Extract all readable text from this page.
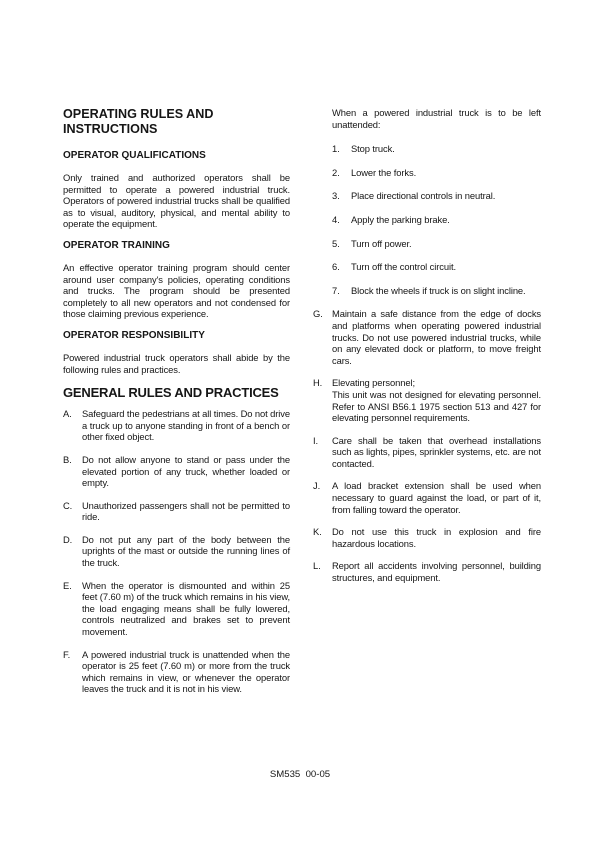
OPERATING RULES AND
INSTRUCTIONS
OPERATOR QUALIFICATIONS

Only trained and authorized operators shall be permitted to operate a powered industrial truck. Operators of powered industrial trucks shall be qualified as to visual, auditory, physical, and mental ability to operate the equipment.

OPERATOR TRAINING

An effective operator training program should center around user company's policies, operating conditions and trucks. The program should be presented completely to all new operators and not condensed for those claiming previous experience.

OPERATOR RESPONSIBILITY

Powered industrial truck operators shall abide by the following rules and practices.

GENERAL RULES AND PRACTICES
A. Safeguard the pedestrians at all times. Do not drive a truck up to anyone standing in front of a bench or other fixed object.
B. Do not allow anyone to stand or pass under the elevated portion of any truck, whether loaded or empty.
C. Unauthorized passengers shall not be permitted to ride.
D. Do not put any part of the body between the uprights of the mast or outside the running lines of the truck.
E. When the operator is dismounted and within 25 feet (7.60 m) of the truck which remains in his view, the load engaging means shall be fully lowered, controls neutralized and brakes set to prevent movement.
F. A powered industrial truck is unattended when the operator is 25 feet (7.60 m) or more from the truck which remains in view, or whenever the operator leaves the truck and it is not in his view.

When a powered industrial truck is to be left unattended:

1. Stop truck.
2. Lower the forks.
3. Place directional controls in neutral.
4. Apply the parking brake.
5. Turn off power.
6. Turn off the control circuit.
7. Block the wheels if truck is on slight incline.
G. Maintain a safe distance from the edge of docks and platforms when operating powered industrial trucks. Do not use powered industrial trucks, while on any elevated dock or platform, to move freight cars.
H. Elevating personnel;
This unit was not designed for elevating personnel. Refer to ANSI B56.1 1975 section 513 and 427 for elevating personnel requirements.
I. Care shall be taken that overhead installations such as lights, pipes, sprinkler systems, etc. are not contacted.
J. A load bracket extension shall be used when necessary to guard against the load, or part of it, from falling toward the operator.
K. Do not use this truck in explosion and fire hazardous locations.
L. Report all accidents involving personnel, building structures, and equipment.
SM535  00-05
